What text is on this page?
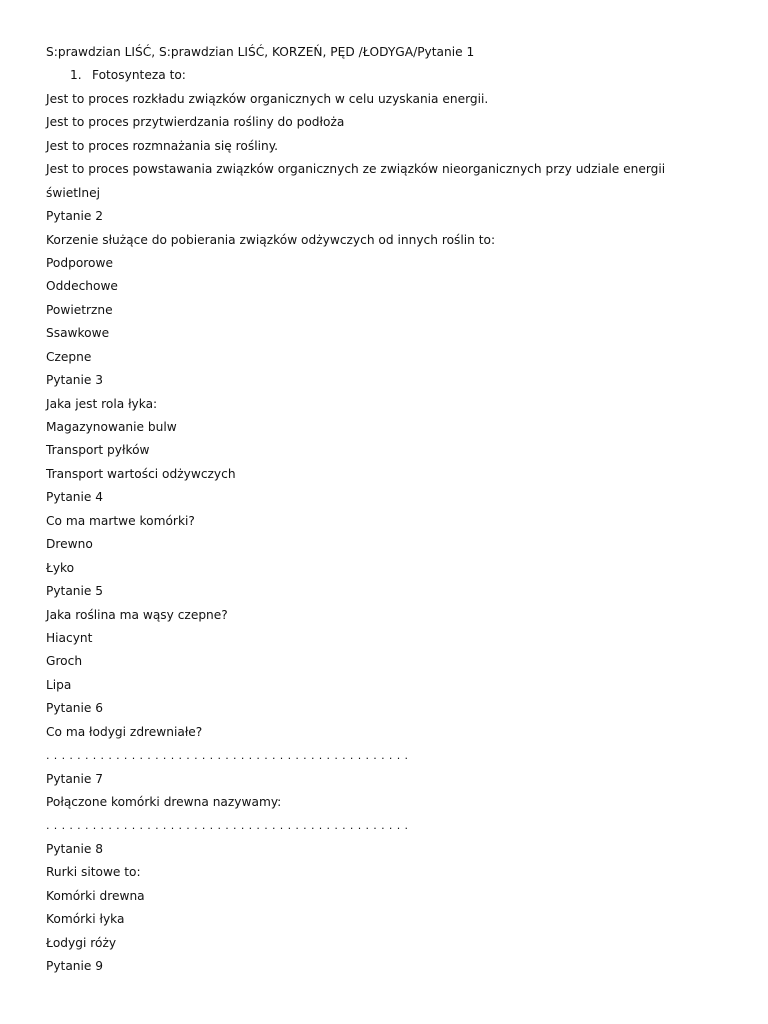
S:prawdzian LIŚĆ, S:prawdzian LIŚĆ, KORZEŃ, PĘD /ŁODYGA/Pytanie 1
1. Fotosynteza to:
Jest to proces rozkładu związków organicznych w celu uzyskania energii.
Jest to proces przytwierdzania rośliny do podłoża
Jest to proces rozmnażania się rośliny.
Jest to proces powstawania związków organicznych ze związków nieorganicznych przy udziale energii
świetlnej
Pytanie 2
Korzenie służące do pobierania związków odżywczych od innych roślin to:
Podporowe
Oddechowe
Powietrzne
Ssawkowe
Czepne
Pytanie 3
Jaka jest rola łyka:
Magazynowanie bulw
Transport pyłków
Transport wartości odżywczych
Pytanie 4
Co ma martwe komórki?
Drewno
Łyko
Pytanie 5
Jaka roślina ma wąsy czepne?
Hiacynt
Groch
Lipa
Pytanie 6
Co ma łodygi zdrewniałe?
. . . . . . . . . . . . . . . . . . . . . . . . . . . . . . . . . . . . . . . . . . . . . . .
Pytanie 7
Połączone komórki drewna nazywamy:
. . . . . . . . . . . . . . . . . . . . . . . . . . . . . . . . . . . . . . . . . . . . . . .
Pytanie 8
Rurki sitowe to:
Komórki drewna
Komórki łyka
Łodygi róży
Pytanie 9
